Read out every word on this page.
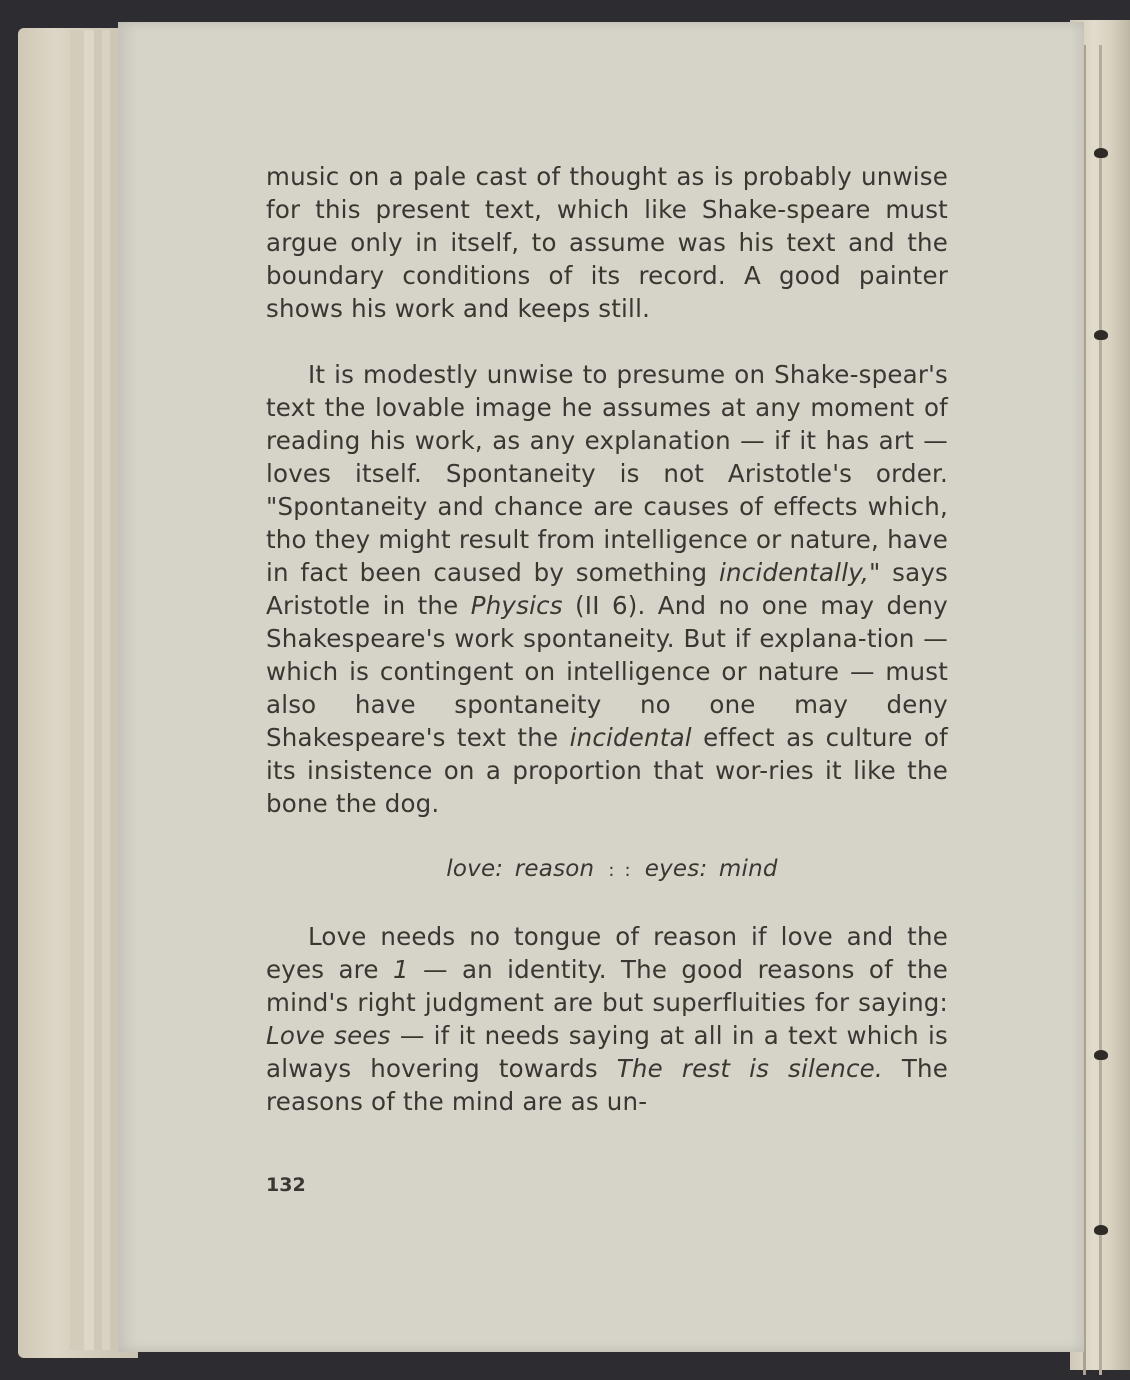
music on a pale cast of thought as is probably unwise for this present text, which like Shake-speare must argue only in itself, to assume was his text and the boundary conditions of its record. A good painter shows his work and keeps still.

It is modestly unwise to presume on Shake-spear's text the lovable image he assumes at any moment of reading his work, as any explanation — if it has art — loves itself. Spontaneity is not Aristotle's order. "Spontaneity and chance are causes of effects which, tho they might result from intelligence or nature, have in fact been caused by something incidentally," says Aristotle in the Physics (II 6). And no one may deny Shakespeare's work spontaneity. But if explana-tion — which is contingent on intelligence or nature — must also have spontaneity no one may deny Shakespeare's text the incidental effect as culture of its insistence on a proportion that wor-ries it like the bone the dog.

love: reason : : eyes: mind

Love needs no tongue of reason if love and the eyes are 1 — an identity. The good reasons of the mind's right judgment are but superfluities for saying: Love sees — if it needs saying at all in a text which is always hovering towards The rest is silence. The reasons of the mind are as un-

132
